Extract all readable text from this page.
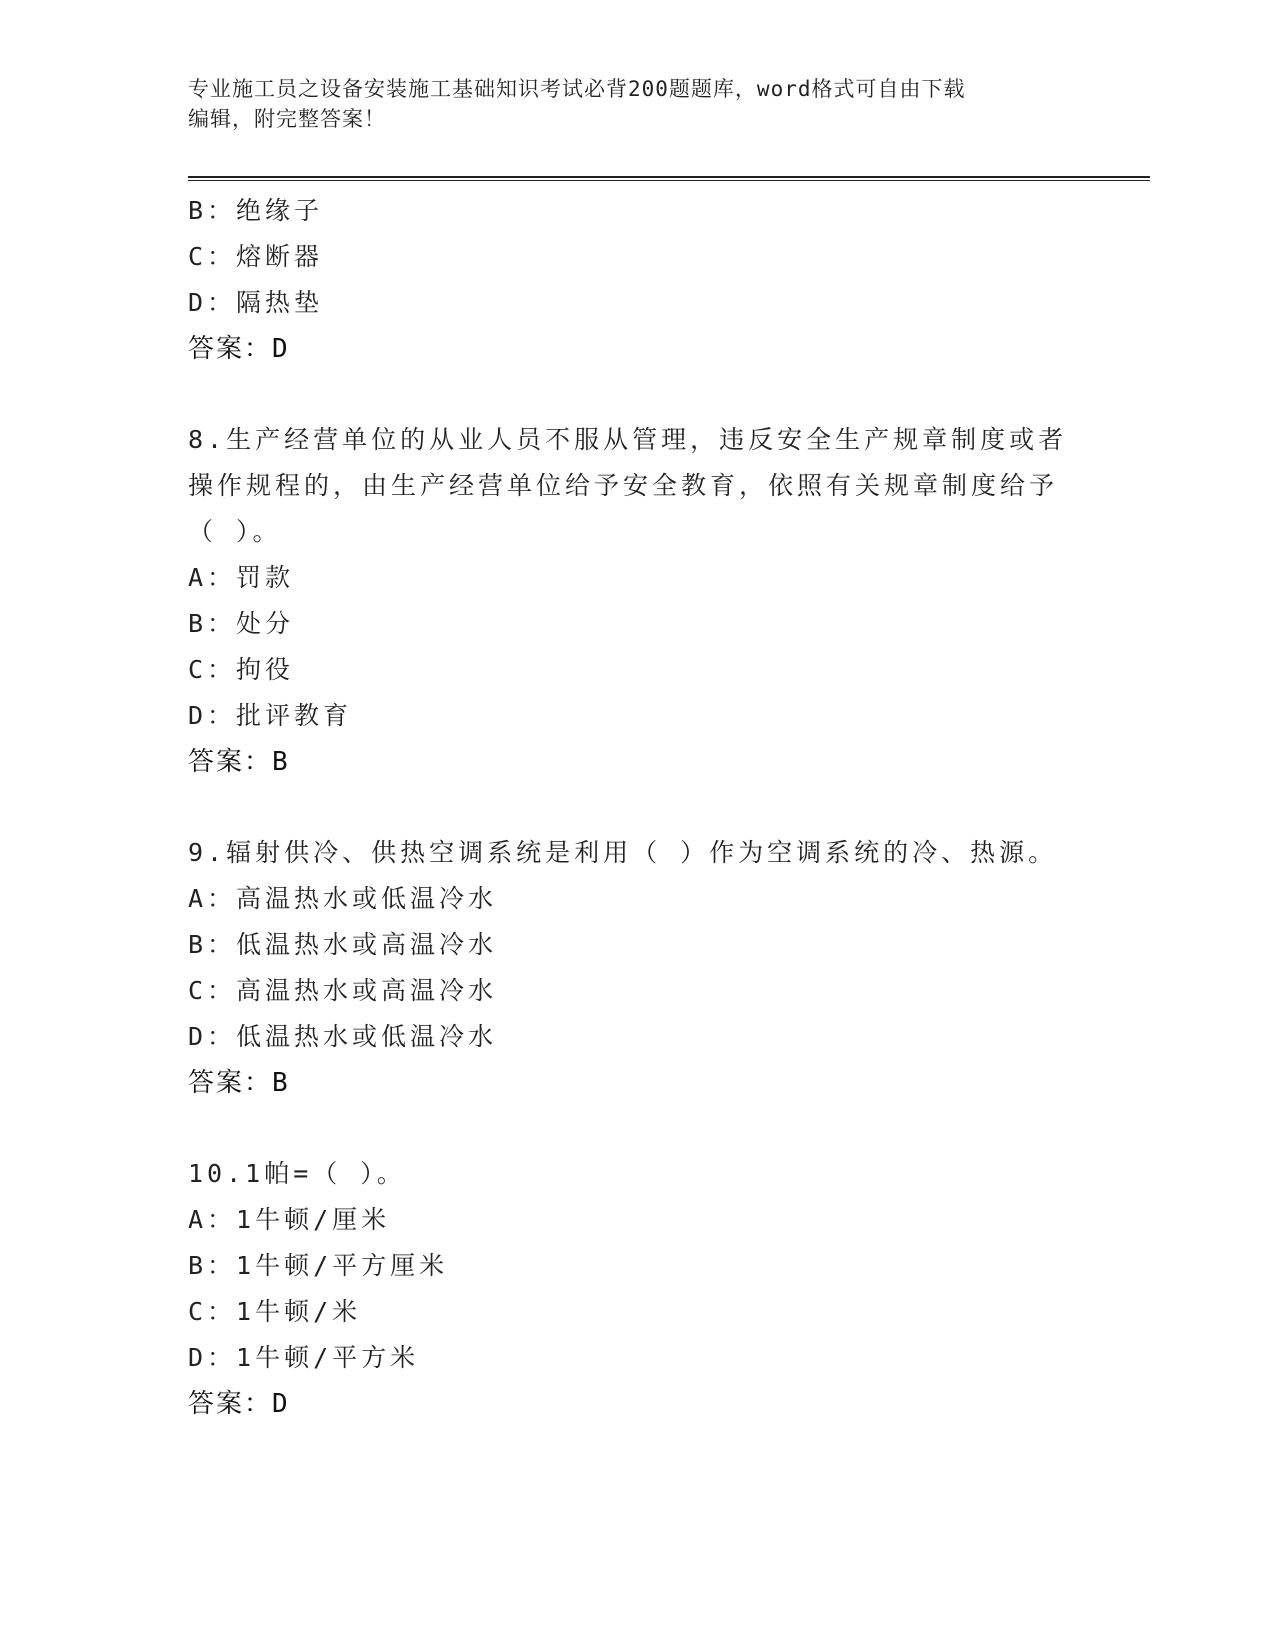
专业施工员之设备安装施工基础知识考试必背200题题库，word格式可自由下载
编辑，附完整答案！
B：绝缘子
C：熔断器
D：隔热垫
答案：D
8.生产经营单位的从业人员不服从管理，违反安全生产规章制度或者
操作规程的，由生产经营单位给予安全教育，依照有关规章制度给予
（ ）。
A：罚款
B：处分
C：拘役
D：批评教育
答案：B
9.辐射供冷、供热空调系统是利用（ ）作为空调系统的冷、热源。
A：高温热水或低温冷水
B：低温热水或高温冷水
C：高温热水或高温冷水
D：低温热水或低温冷水
答案：B
10.1帕=（ ）。
A：1牛顿/厘米
B：1牛顿/平方厘米
C：1牛顿/米
D：1牛顿/平方米
答案：D
